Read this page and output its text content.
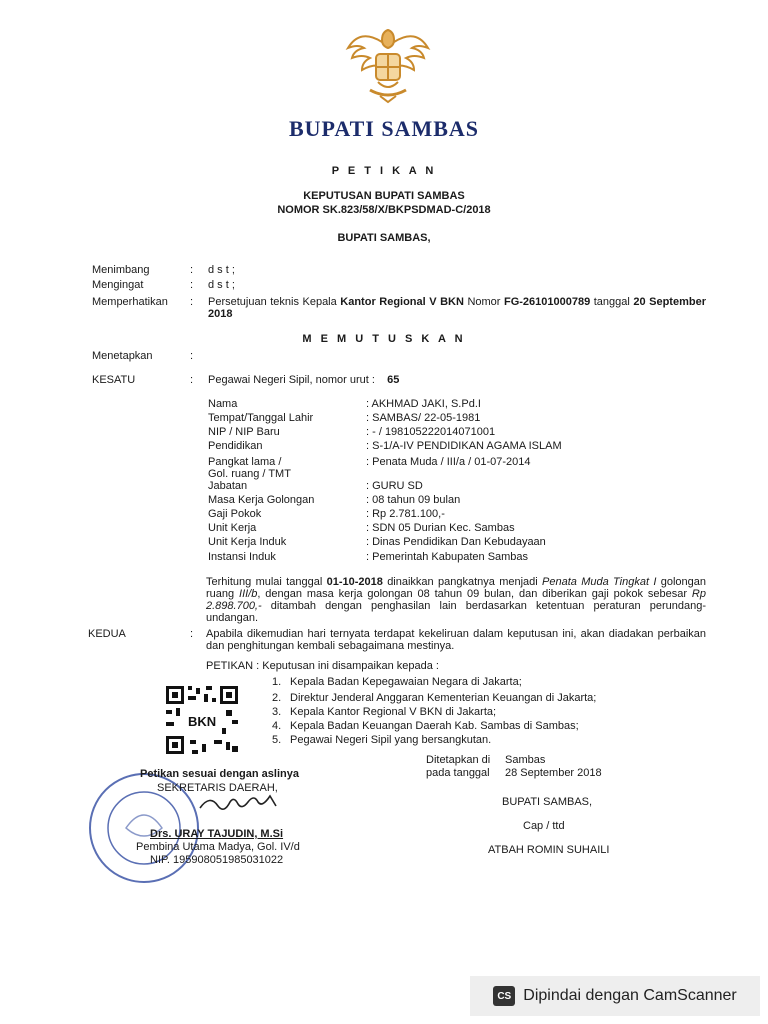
BUPATI SAMBAS
P E T I K A N
KEPUTUSAN BUPATI SAMBAS
NOMOR SK.823/58/X/BKPSDMAD-C/2018
BUPATI SAMBAS,
Menimbang	: d s t ;
Mengingat	: d s t ;
Memperhatikan : Persetujuan teknis Kepala Kantor Regional V BKN Nomor FG-26101000789 tanggal 20 September 2018
M E M U T U S K A N
Menetapkan	:
KESATU	: Pegawai Negeri Sipil, nomor urut : 65
Nama	: AKHMAD JAKI, S.Pd.I
Tempat/Tanggal Lahir	: SAMBAS/ 22-05-1981
NIP / NIP Baru	: - / 198105222014071001
Pendidikan	: S-1/A-IV PENDIDIKAN AGAMA ISLAM
Pangkat lama /	: Penata Muda / III/a / 01-07-2014
Gol. ruang / TMT
Jabatan	: GURU SD
Masa Kerja Golongan	: 08 tahun 09 bulan
Gaji Pokok	: Rp 2.781.100,-
Unit Kerja	: SDN 05 Durian Kec. Sambas
Unit Kerja Induk	: Dinas Pendidikan Dan Kebudayaan
Instansi Induk	: Pemerintah Kabupaten Sambas
Terhitung mulai tanggal 01-10-2018 dinaikkan pangkatnya menjadi Penata Muda Tingkat I golongan ruang III/b, dengan masa kerja golongan 08 tahun 09 bulan, dan diberikan gaji pokok sebesar Rp 2.898.700,- ditambah dengan penghasilan lain berdasarkan ketentuan peraturan perundang-undangan.
KEDUA	: Apabila dikemudian hari ternyata terdapat kekeliruan dalam keputusan ini, akan diadakan perbaikan dan penghitungan kembali sebagaimana mestinya.
PETIKAN : Keputusan ini disampaikan kepada :
1. Kepala Badan Kepegawaian Negara di Jakarta;
2. Direktur Jenderal Anggaran Kementerian Keuangan di Jakarta;
3. Kepala Kantor Regional V BKN di Jakarta;
4. Kepala Badan Keuangan Daerah Kab. Sambas di Sambas;
5. Pegawai Negeri Sipil yang bersangkutan.
BKN
Petikan sesuai dengan aslinya
SEKRETARIS DAERAH,
Drs. URAY TAJUDIN, M.Si
Pembina Utama Madya, Gol. IV/d
NIP. 195908051985031022
Ditetapkan di Sambas
pada tanggal 28 September 2018
BUPATI SAMBAS,
Cap / ttd
ATBAH ROMIN SUHAILI
CS Dipindai dengan CamScanner
